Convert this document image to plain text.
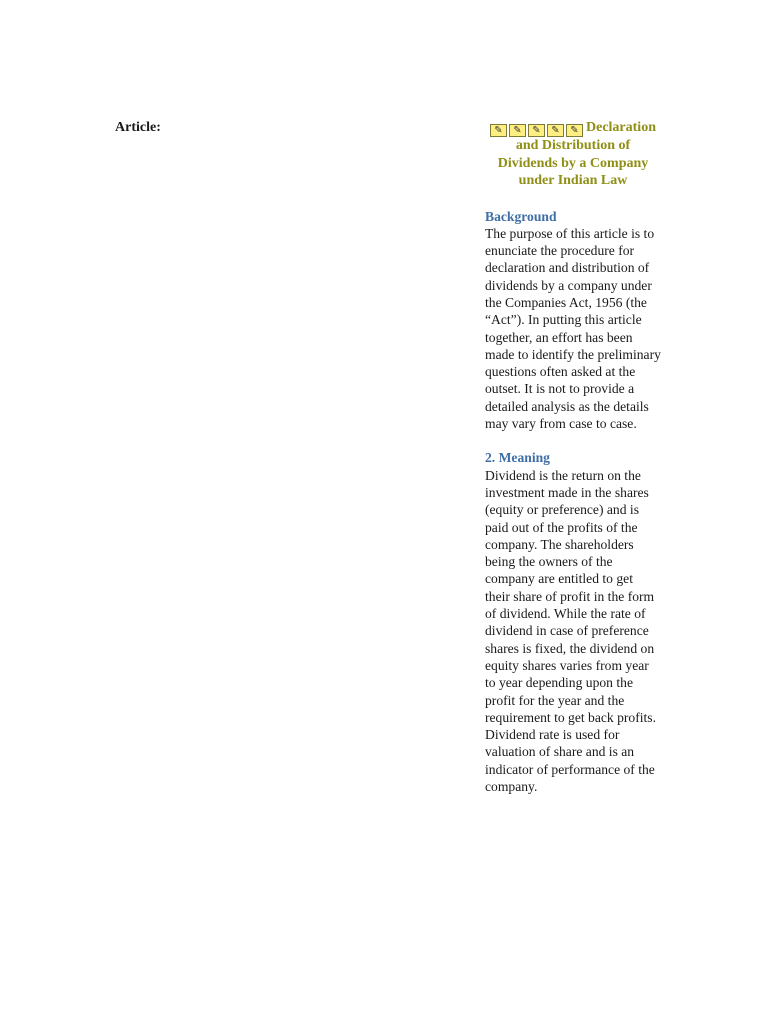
Article:	✎	✎	✎	✎	✎ Declaration and Distribution of Dividends by a Company under Indian Law

Background

The purpose of this article is to enunciate the procedure for declaration and distribution of dividends by a company under the Companies Act, 1956 (the “Act”). In putting this article together, an effort has been made to identify the preliminary questions often asked at the outset. It is not to provide a detailed analysis as the details may vary from case to case.

2. Meaning

Dividend is the return on the investment made in the shares (equity or preference) and is paid out of the profits of the company. The shareholders being the owners of the company are entitled to get their share of profit in the form of dividend. While the rate of dividend in case of preference shares is fixed, the dividend on equity shares varies from year to year depending upon the profit for the year and the requirement to get back profits. Dividend rate is used for valuation of share and is an indicator of performance of the company.
